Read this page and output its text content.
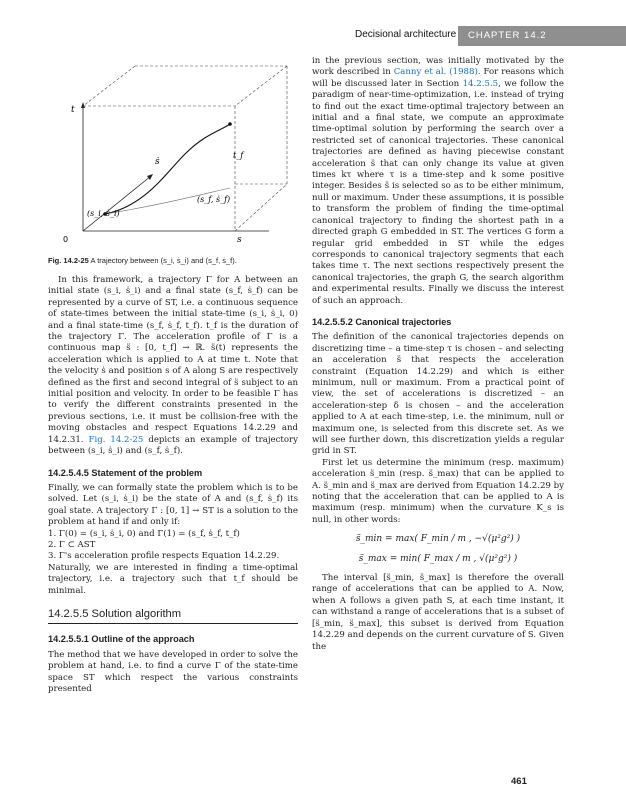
Decisional architecture	CHAPTER 14.2
t
s
0
ṡ
t_f
(s_f, ṡ_f)
(s_i, ṡ_i)
Fig. 14.2-25 A trajectory between (s_i, ṡ_i) and (s_f, ṡ_f).

In this framework, a trajectory Γ for A between an initial state (s_i, ṡ_i) and a final state (s_f, ṡ_f) can be represented by a curve of ST, i.e. a continuous sequence of state-times between the initial state-time (s_i, ṡ_i, 0) and a final state-time (s_f, ṡ_f, t_f). t_f is the duration of the trajectory Γ. The acceleration profile of Γ is a continuous map s̈ : [0, t_f] → ℝ. s̈(t) represents the acceleration which is applied to A at time t. Note that the velocity ṡ and position s of A along S are respectively defined as the first and second integral of s̈ subject to an initial position and velocity. In order to be feasible Γ has to verify the different constraints presented in the previous sections, i.e. it must be collision-free with the moving obstacles and respect Equations 14.2.29 and 14.2.31. Fig. 14.2-25 depicts an example of trajectory between (s_i, ṡ_i) and (s_f, ṡ_f).

14.2.5.4.5 Statement of the problem

Finally, we can formally state the problem which is to be solved. Let (s_i, ṡ_i) be the state of A and (s_f, ṡ_f) its goal state. A trajectory Γ : [0, 1] → ST is a solution to the problem at hand if and only if:

1. Γ(0) = (s_i, ṡ_i, 0) and Γ(1) = (s_f, ṡ_f, t_f)

2. Γ ⊂ AST

3. Γ's acceleration profile respects Equation 14.2.29.

Naturally, we are interested in finding a time-optimal trajectory, i.e. a trajectory such that t_f should be minimal.

14.2.5.5 Solution algorithm
14.2.5.5.1 Outline of the approach

The method that we have developed in order to solve the problem at hand, i.e. to find a curve Γ of the state-time space ST which respect the various constraints presented

in the previous section, was initially motivated by the work described in Canny et al. (1988). For reasons which will be discussed later in Section 14.2.5.5, we follow the paradigm of near-time-optimization, i.e. instead of trying to find out the exact time-optimal trajectory between an initial and a final state, we compute an approximate time-optimal solution by performing the search over a restricted set of canonical trajectories. These canonical trajectories are defined as having piecewise constant acceleration s̈ that can only change its value at given times kτ where τ is a time-step and k some positive integer. Besides s̈ is selected so as to be either minimum, null or maximum. Under these assumptions, it is possible to transform the problem of finding the time-optimal canonical trajectory to finding the shortest path in a directed graph G embedded in ST. The vertices G form a regular grid embedded in ST while the edges corresponds to canonical trajectory segments that each takes time τ. The next sections respectively present the canonical trajectories, the graph G, the search algorithm and experimental results. Finally we discuss the interest of such an approach.

14.2.5.5.2 Canonical trajectories

The definition of the canonical trajectories depends on discretizing time – a time-step τ is chosen – and selecting an acceleration s̈ that respects the acceleration constraint (Equation 14.2.29) and which is either minimum, null or maximum. From a practical point of view, the set of accelerations is discretized – an acceleration-step δ is chosen – and the acceleration applied to A at each time-step, i.e. the minimum, null or maximum one, is selected from this discrete set. As we will see further down, this discretization yields a regular grid in ST.

First let us determine the minimum (resp. maximum) acceleration s̈_min (resp. s̈_max) that can be applied to A. s̈_min and s̈_max are derived from Equation 14.2.29 by noting that the acceleration that can be applied to A is maximum (resp. minimum) when the curvature K_s is null, in other words:

s̈_min = max( F_min / m , −√(μ²g²) )
s̈_max = min( F_max / m , √(μ²g²) )

The interval [s̈_min, s̈_max] is therefore the overall range of accelerations that can be applied to A. Now, when A follows a given path S, at each time instant, it can withstand a range of accelerations that is a subset of [s̈_min, s̈_max], this subset is derived from Equation 14.2.29 and depends on the current curvature of S. Given the

461
